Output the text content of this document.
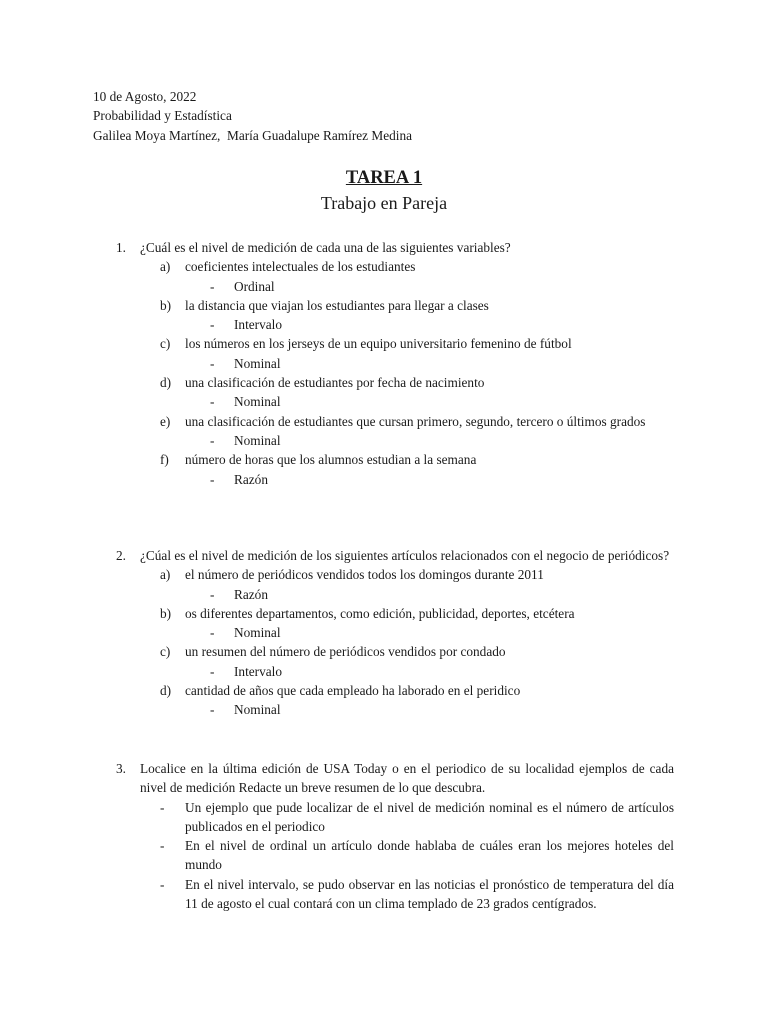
10 de Agosto, 2022
Probabilidad y Estadística
Galilea Moya Martínez,  María Guadalupe Ramírez Medina
TAREA 1
Trabajo en Pareja
1.	¿Cuál es el nivel de medición de cada una de las siguientes variables?
a)	coeficientes intelectuales de los estudiantes
-	Ordinal
b)	la distancia que viajan los estudiantes para llegar a clases
-	Intervalo
c)	los números en los jerseys de un equipo universitario femenino de fútbol
-	Nominal
d)	una clasificación de estudiantes por fecha de nacimiento
-	Nominal
e)	una clasificación de estudiantes que cursan primero, segundo, tercero o últimos grados
-	Nominal
f)	número de horas que los alumnos estudian a la semana
-	Razón
2.	¿Cúal es el nivel de medición de los siguientes artículos relacionados con el negocio de periódicos?
a)	el número de periódicos vendidos todos los domingos durante 2011
-	Razón
b)	os diferentes departamentos, como edición, publicidad, deportes, etcétera
-	Nominal
c)	un resumen del número de periódicos vendidos por condado
-	Intervalo
d)	cantidad de años que cada empleado ha laborado en el peridico
-	Nominal
3.	Localice en la última edición de USA Today o en el periodico de su localidad ejemplos de cada nivel de medición Redacte un breve resumen de lo que descubra.
-	Un ejemplo que pude localizar de el nivel de medición nominal es el número de artículos publicados en el periodico
-	En el nivel de ordinal un artículo donde hablaba de cuáles eran los mejores hoteles del mundo
-	En el nivel intervalo, se pudo observar en las noticias el pronóstico de temperatura del día 11 de agosto el cual contará con un clima templado de 23 grados centígrados.
